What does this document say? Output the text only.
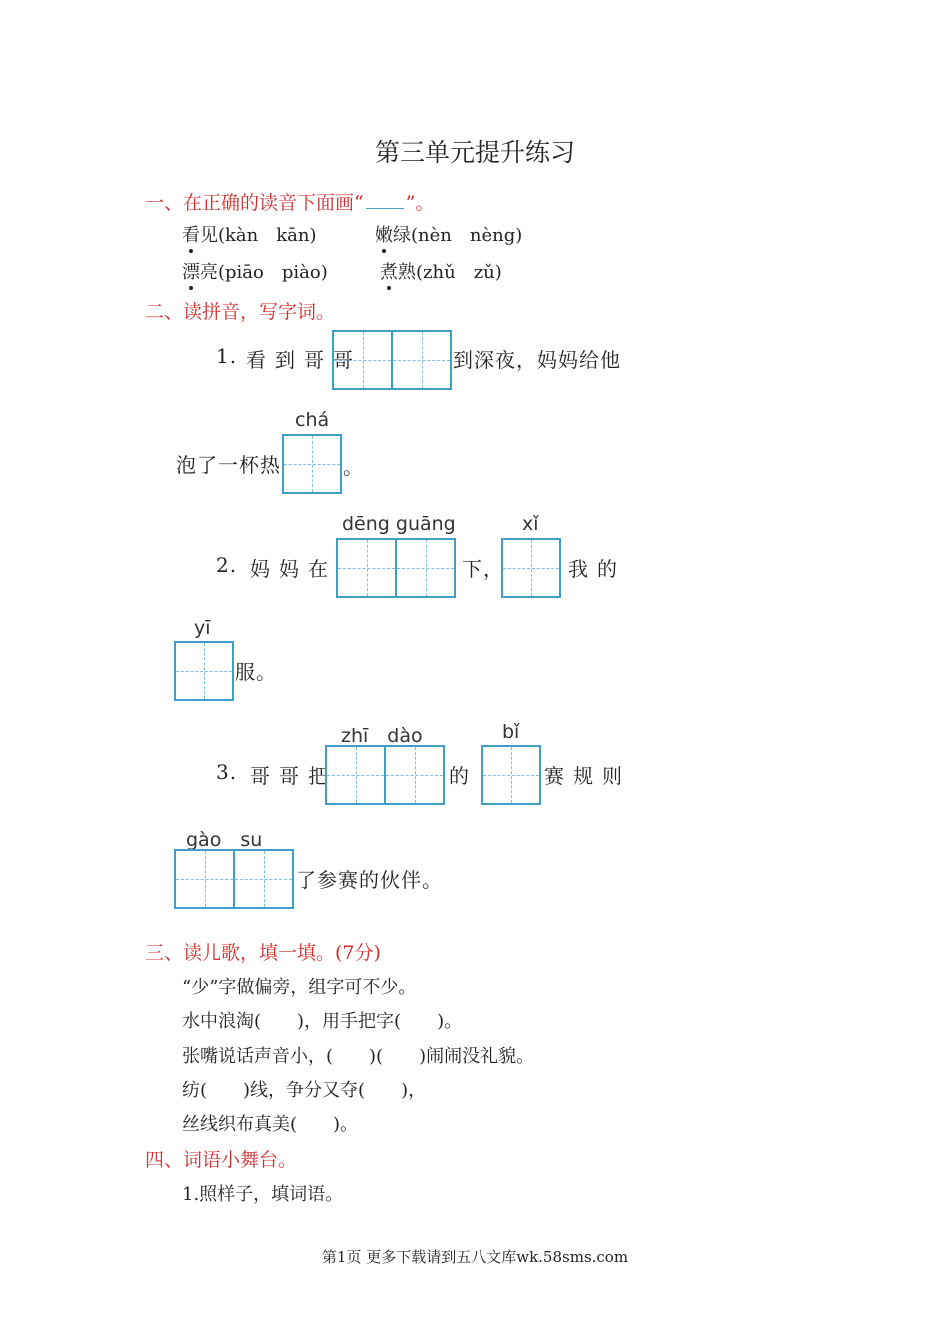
第三单元提升练习
一、在正确的读音下面画“ ”。
看见(kàn　kān)	嫩绿(nèn　nèng)
漂亮(piāo　piào)	煮熟(zhǔ　zǔ)
二、读拼音，写字词。
1. 看到哥哥	到深夜，妈妈给他
chá
泡了一杯热	。
dēng guāng	xǐ
2. 妈妈在	下，	我的
yī
服。
zhī　dào	bǐ
3. 哥哥把	的	赛规则
gào　su
了参赛的伙伴。
三、读儿歌，填一填。(7分)
“少”字做偏旁，组字可不少。
水中浪淘(　　)，用手把字(　　)。
张嘴说话声音小，(　　)(　　)闹闹没礼貌。
纺(　　)线，争分又夺(　　)，
丝线织布真美(　　)。
四、词语小舞台。
1.照样子，填词语。
第1页 更多下载请到五八文库wk.58sms.com
